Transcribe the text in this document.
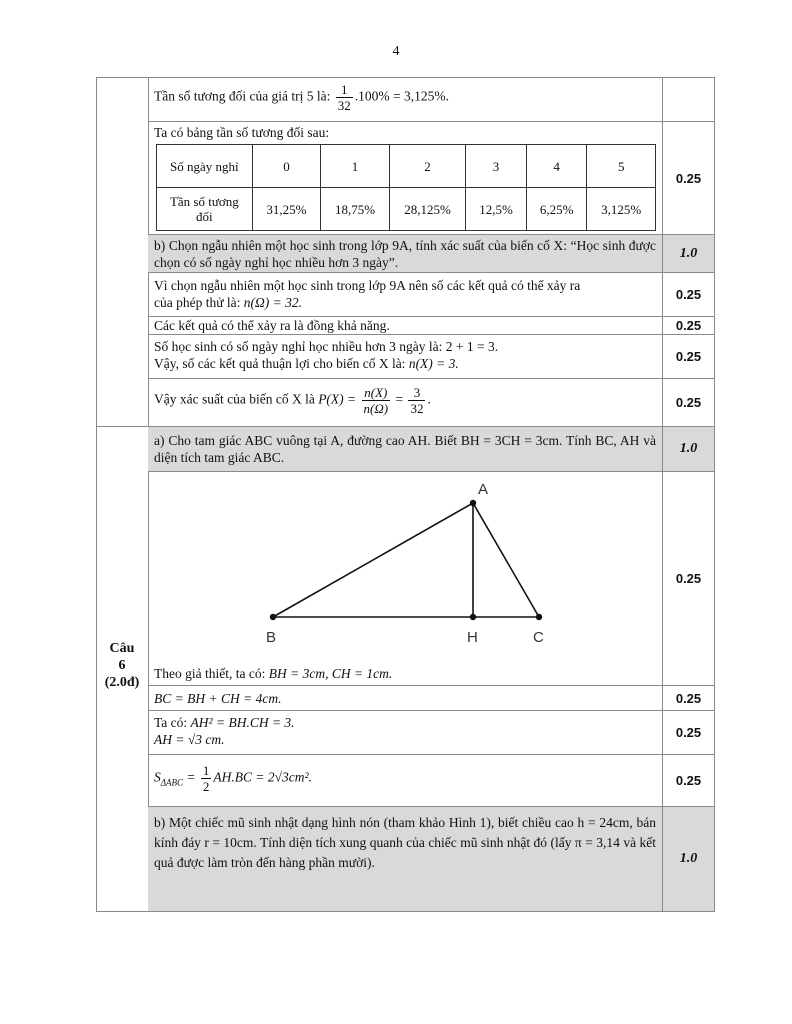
4
Tần số tương đối của giá trị 5 là: $\frac{1}{32} .100\% = 3,125\%$.
Ta có bảng tần số tương đối sau:
Số ngày nghỉ	0	1	2	3	4	5
Tần số tương đối	31,25%	18,75%	28,125%	12,5%	6,25%	3,125%
0.25
b) Chọn ngẫu nhiên một học sinh trong lớp 9A, tính xác suất của biến cố X: “Học sinh được chọn có số ngày nghỉ học nhiều hơn 3 ngày”.
1.0
Vì chọn ngẫu nhiên một học sinh trong lớp 9A nên số các kết quả có thể xảy ra
của phép thử là: n(Ω) = 32.
0.25
Các kết quả có thể xảy ra là đồng khả năng.	0.25
Số học sinh có số ngày nghỉ học nhiều hơn 3 ngày là: 2 + 1 = 3.
Vậy, số các kết quả thuận lợi cho biến cố X là: n(X) = 3.	0.25
Vậy xác suất của biến cố X là $P(X) = \frac{n(X)}{n(\Omega)} = \frac{3}{32}$ .	0.25
Câu
6
(2.0đ)
a) Cho tam giác ABC vuông tại A, đường cao AH. Biết BH = 3CH = 3cm. Tính BC, AH và diện tích tam giác ABC.
1.0
A
B	H	C
Theo giả thiết, ta có: BH = 3cm, CH = 1cm.
0.25
BC = BH + CH = 4cm.	0.25
Ta có: AH² = BH.CH = 3.
AH = √3 cm.	0.25
$S_{\Delta ABC} = \frac{1}{2} AH.BC = 2√3cm^2$.	0.25
b) Một chiếc mũ sinh nhật dạng hình nón (tham khảo Hình 1), biết chiều cao h = 24cm, bán kính đáy r = 10cm. Tính diện tích xung quanh của chiếc mũ sinh nhật đó (lấy π = 3,14 và kết quả được làm tròn đến hàng phần mười).	1.0
